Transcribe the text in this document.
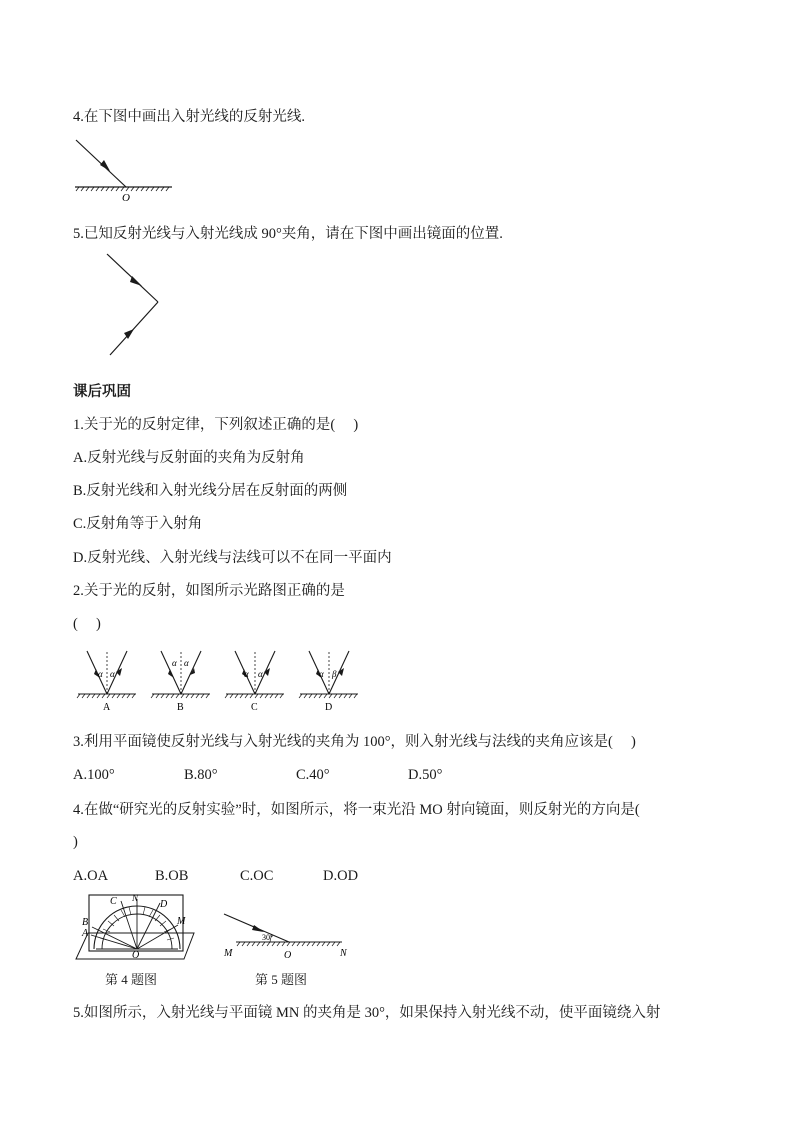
4.在下图中画出入射光线的反射光线.
O
5.已知反射光线与入射光线成 90°夹角，请在下图中画出镜面的位置.
课后巩固
1.关于光的反射定律，下列叙述正确的是(　 )
A.反射光线与反射面的夹角为反射角
B.反射光线和入射光线分居在反射面的两侧
C.反射角等于入射角
D.反射光线、入射光线与法线可以不在同一平面内
2.关于光的反射，如图所示光路图正确的是
(　 )
α α
A
α α
B
α α
C
α β
D
3.利用平面镜使反射光线与入射光线的夹角为 100°，则入射光线与法线的夹角应该是(　 )
A.100°	B.80°	C.40°	D.50°
4.在做“研究光的反射实验”时，如图所示，将一束光沿 MO 射向镜面，则反射光的方向是(
)
A.OA	B.OB	C.OC	D.OD
B
A
C N
D
M
O
30°
M	O	N
第 4 题图	第 5 题图
5.如图所示，入射光线与平面镜 MN 的夹角是 30°，如果保持入射光线不动，使平面镜绕入射
